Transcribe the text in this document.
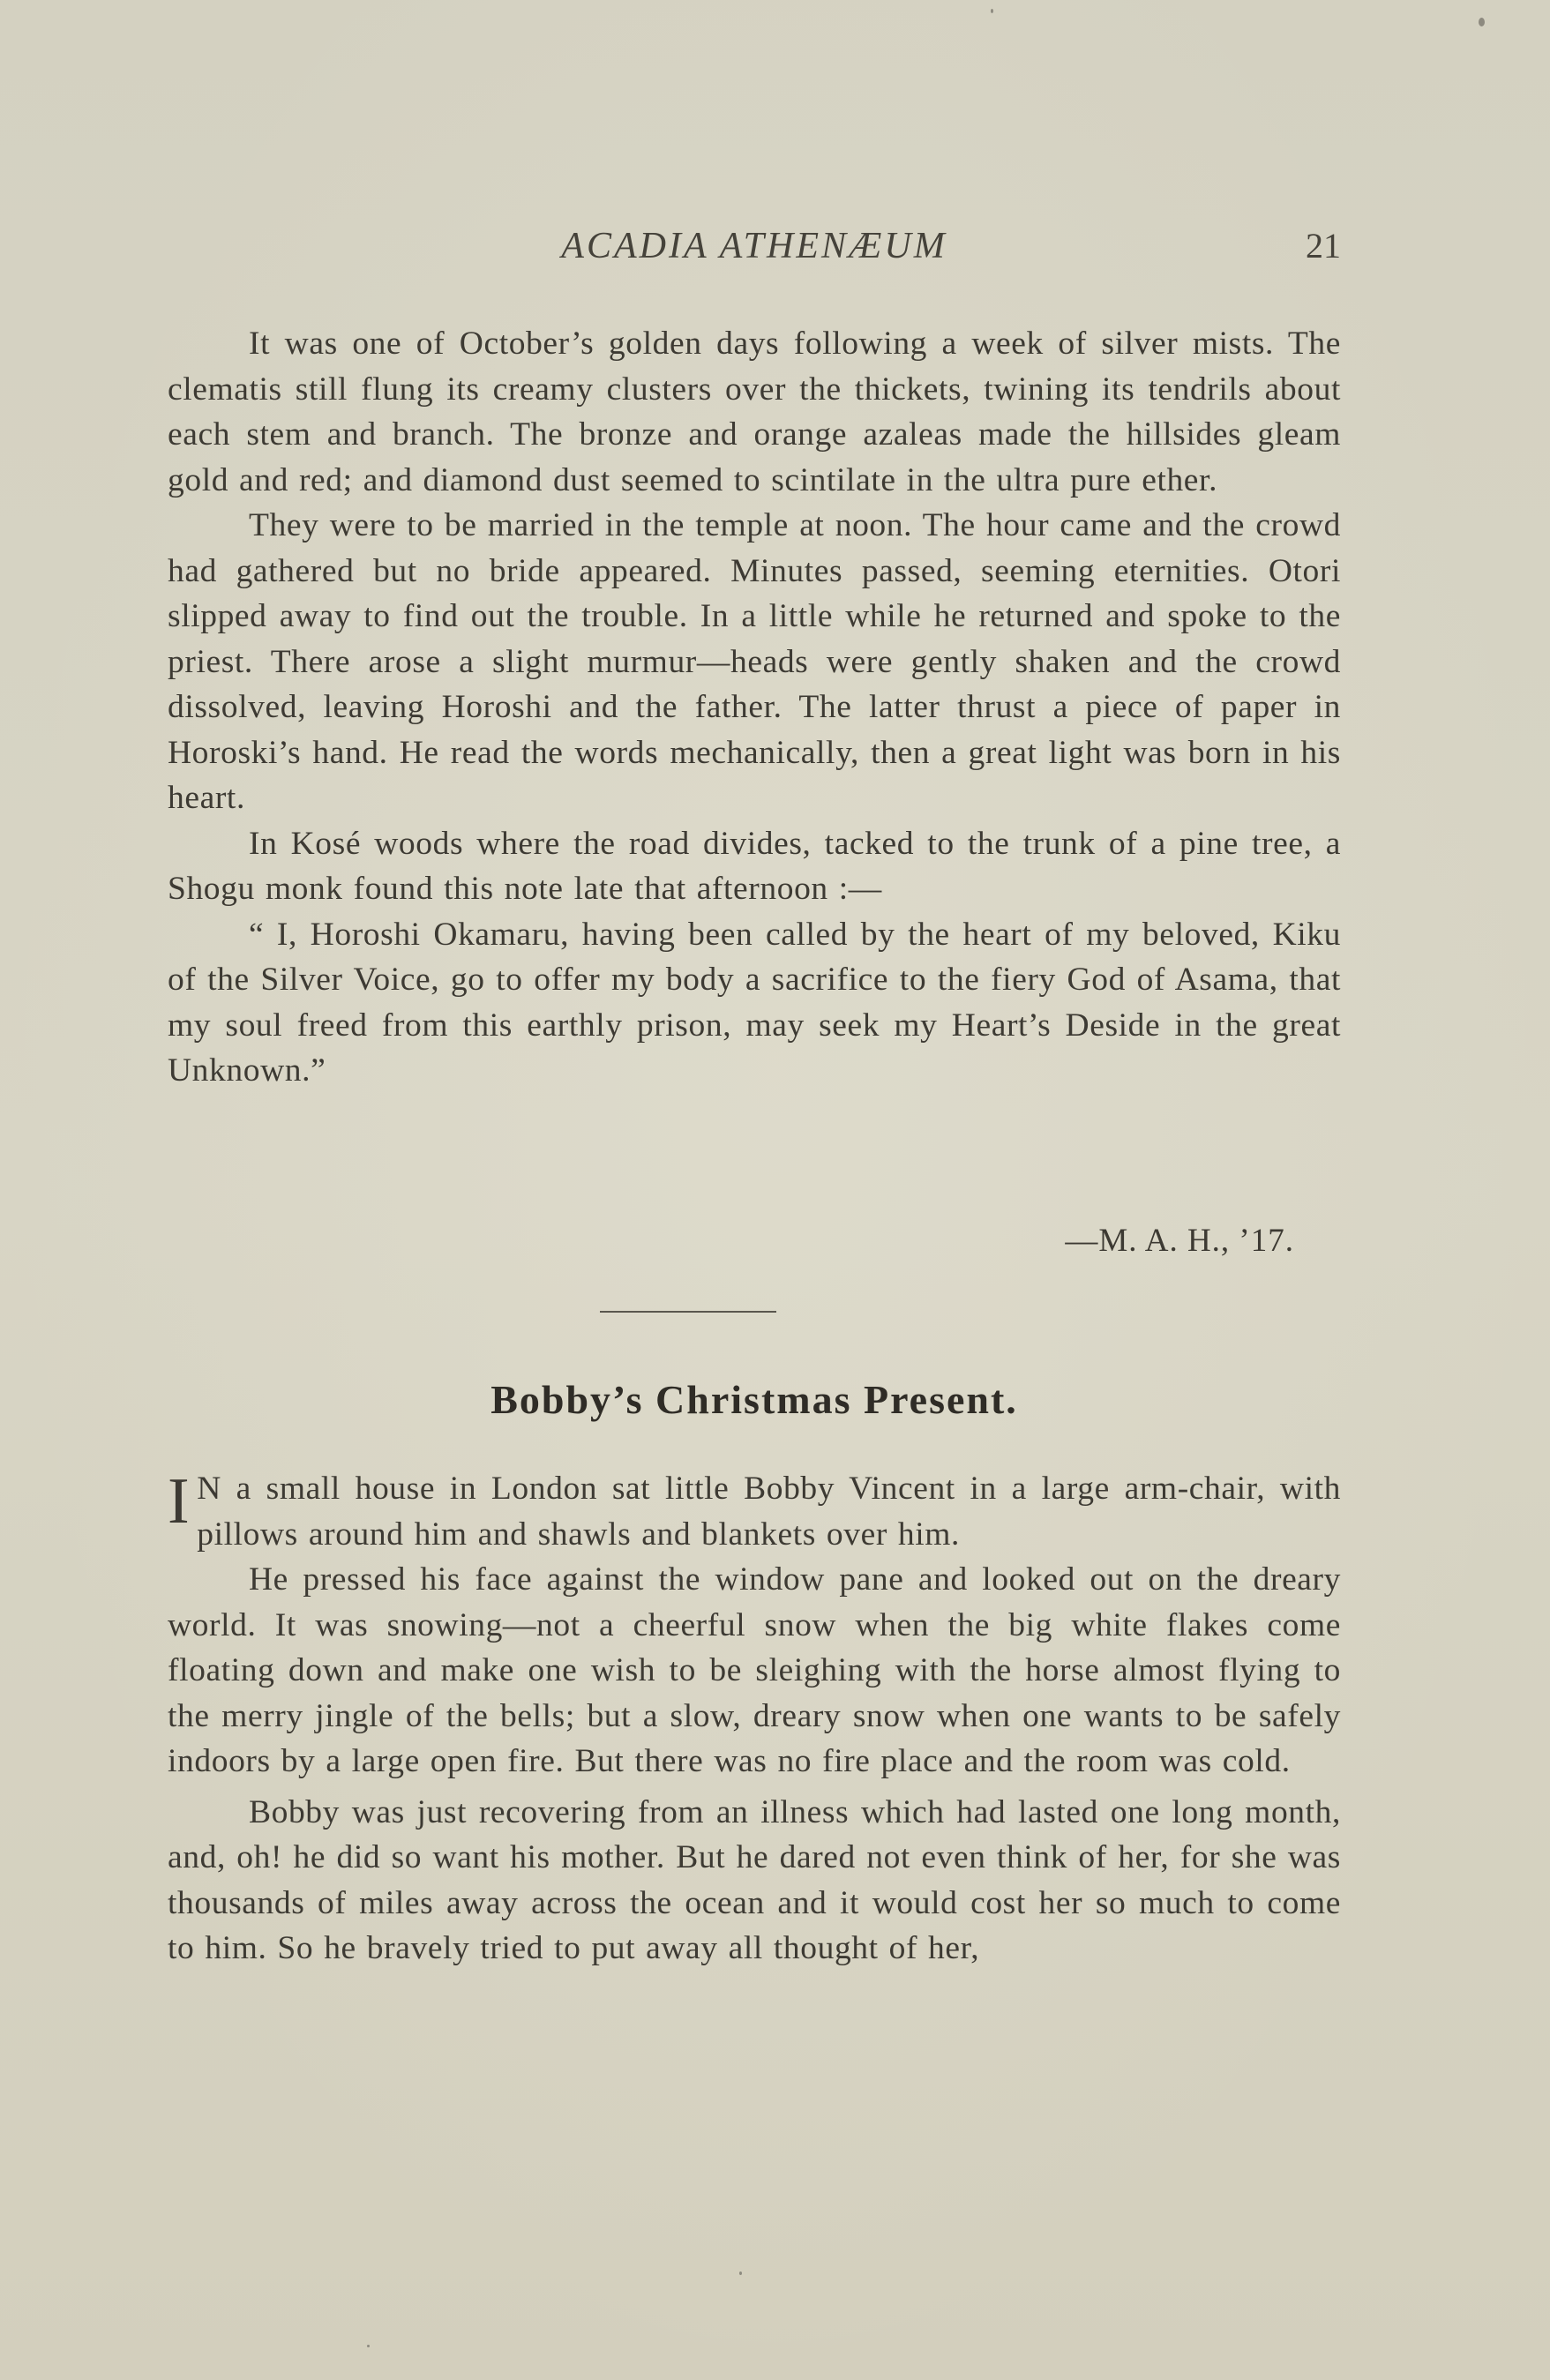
ACADIA ATHENÆUM	21

It was one of October’s golden days following a week of silver mists. The clematis still flung its creamy clusters over the thickets, twining its tendrils about each stem and branch. The bronze and orange azaleas made the hillsides gleam gold and red; and diamond dust seemed to scintilate in the ultra pure ether.

They were to be married in the temple at noon. The hour came and the crowd had gathered but no bride appeared. Minutes passed, seeming eternities. Otori slipped away to find out the trouble. In a little while he returned and spoke to the priest. There arose a slight murmur—heads were gently shaken and the crowd dissolved, leaving Horoshi and the father. The latter thrust a piece of paper in Horoski’s hand. He read the words mechanically, then a great light was born in his heart.

In Kosé woods where the road divides, tacked to the trunk of a pine tree, a Shogu monk found this note late that afternoon :—

“ I, Horoshi Okamaru, having been called by the heart of my beloved, Kiku of the Silver Voice, go to offer my body a sacrifice to the fiery God of Asama, that my soul freed from this earthly prison, may seek my Heart’s Deside in the great Unknown.”

—M. A. H., ’17.
Bobby’s Christmas Present.

I N a small house in London sat little Bobby Vincent in a large arm-chair, with pillows around him and shawls and blankets over him.

He pressed his face against the window pane and looked out on the dreary world. It was snowing—not a cheerful snow when the big white flakes come floating down and make one wish to be sleighing with the horse almost flying to the merry jingle of the bells; but a slow, dreary snow when one wants to be safely indoors by a large open fire. But there was no fire place and the room was cold.

Bobby was just recovering from an illness which had lasted one long month, and, oh! he did so want his mother. But he dared not even think of her, for she was thousands of miles away across the ocean and it would cost her so much to come to him. So he bravely tried to put away all thought of her,
